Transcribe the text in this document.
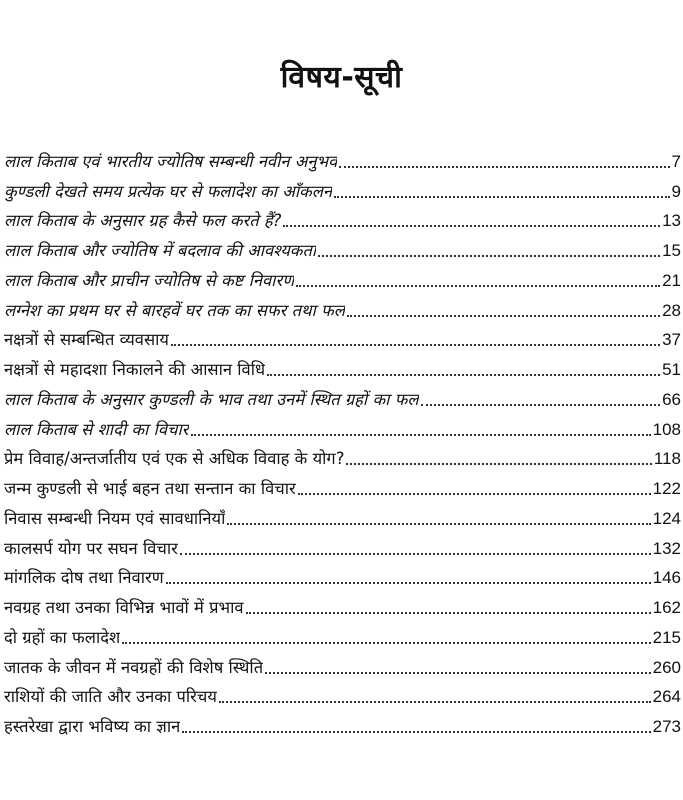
विषय-सूची
लाल किताब एवं भारतीय ज्योतिष सम्बन्धी नवीन अनुभव	7
कुण्डली देखते समय प्रत्येक घर से फलादेश का आँकलन	9
लाल किताब के अनुसार ग्रह कैसे फल करते हैं?	13
लाल किताब और ज्योतिष में बदलाव की आवश्यकता	15
लाल किताब और प्राचीन ज्योतिष से कष्ट निवारण	21
लग्नेश का प्रथम घर से बारहवें घर तक का सफर तथा फल	28
नक्षत्रों से सम्बन्धित व्यवसाय	37
नक्षत्रों से महादशा निकालने की आसान विधि	51
लाल किताब के अनुसार कुण्डली के भाव तथा उनमें स्थित ग्रहों का फल	66
लाल किताब से शादी का विचार	108
प्रेम विवाह/अन्तर्जातीय एवं एक से अधिक विवाह के योग?	118
जन्म कुण्डली से भाई बहन तथा सन्तान का विचार	122
निवास सम्बन्धी नियम एवं सावधानियाँ	124
कालसर्प योग पर सघन विचार	132
मांगलिक दोष तथा निवारण	146
नवग्रह तथा उनका विभिन्न भावों में प्रभाव	162
दो ग्रहों का फलादेश	215
जातक के जीवन में नवग्रहों की विशेष स्थिति	260
राशियों की जाति और उनका परिचय	264
हस्तरेखा द्वारा भविष्य का ज्ञान	273
